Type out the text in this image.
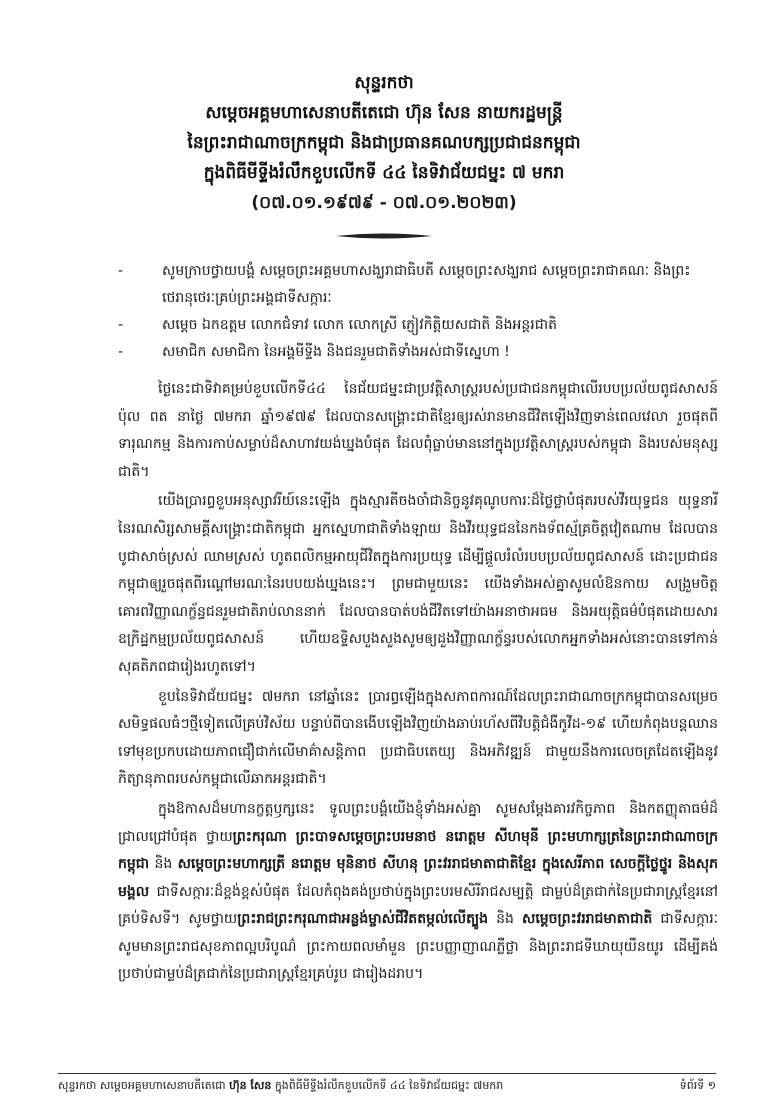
សុន្ទរកថា
សម្ដេចអគ្គមហាសេនាបតីតេជោ ហ៊ុន សែន នាយករដ្ឋមន្ត្រី
នៃព្រះរាជាណាចក្រកម្ពុជា និងជាប្រធានគណបក្សប្រជាជនកម្ពុជា
ក្នុងពិធីមីទ្ទីងរំលឹកខួបលើកទី ៤៤ នៃទិវាជ័យជម្នះ ៧ មករា
(០៧.០១.១៩៧៩ - ០៧.០១.២០២៣)
-	សូមក្រាបថ្វាយបង្គំ សម្ដេចព្រះអគ្គមហាសង្ឃរាជាធិបតី សម្ដេចព្រះសង្ឃរាជ សម្ដេចព្រះរាជាគណៈ និងព្រះថេរានុថេរៈគ្រប់ព្រះអង្គជាទីសក្ការៈ
-	សម្ដេច ឯកឧត្តម លោកជំទាវ លោក លោកស្រី ភ្ញៀវកិត្តិយសជាតិ និងអន្តរជាតិ
-	សមាជិក សមាជិកា នៃអង្គមីទ្ទីង និងជនរួមជាតិទាំងអស់ជាទីស្នេហា !

ថ្ងៃនេះជាទិវាគម្រប់ខួបលើកទី៤៤ នៃជ័យជម្នះជាប្រវត្តិសាស្ត្ររបស់ប្រជាជនកម្ពុជាលើរបបប្រល័យពូជសាសន៍ ប៉ុល ពត នាថ្ងៃ ៧មករា ឆ្នាំ១៩៧៩ ដែលបានសង្គ្រោះជាតិខ្មែរឲ្យរស់រានមានជីវិតឡើងវិញទាន់ពេលវេលា រួចផុតពីទារុណកម្ម និងការកាប់សម្លាប់ដ៏សាហាវយង់ឃ្នងបំផុត ដែលពុំធ្លាប់មាននៅក្នុងប្រវត្តិសាស្ត្ររបស់កម្ពុជា និងរបស់មនុស្សជាតិ។

យើងប្រារព្ធខួបអនុស្សាវរីយ៍នេះឡើង ក្នុងស្មារតីចងចាំជានិច្ចនូវគុណូបការៈដ៏ថ្លៃថ្លាបំផុតរបស់វីរយុទ្ធជន យុទ្ធនារីនៃរណសិរ្សសាមគ្គីសង្គ្រោះជាតិកម្ពុជា អ្នកស្នេហាជាតិទាំងឡាយ និងវីរយុទ្ធជននៃកងទ័ពស្ម័គ្រចិត្តវៀតណាម ដែលបានបូជាសាច់ស្រស់ ឈាមស្រស់ ហូតពលិកម្មអាយុជីវិតក្នុងការប្រយុទ្ធ ដើម្បីផ្ដួលរំលំរបបប្រល័យពូជសាសន៍ ដោះប្រជាជនកម្ពុជាឲ្យរួចផុតពីរណ្ដៅមរណៈនៃរបបយង់ឃ្នងនេះ។ ព្រមជាមួយនេះ យើងទាំងអស់គ្នាសូមលំឱនកាយ សង្រួមចិត្ត គោរពវិញ្ញាណក្ខ័ន្ធជនរួមជាតិរាប់លាននាក់ ដែលបានបាត់បង់ជីវិតទៅយ៉ាងអនាថាអធម និងអយុត្តិធម៌បំផុតដោយសារឧក្រិដ្ឋកម្មប្រល័យពូជសាសន៍ ហើយឧទ្ទិសបួងសួងសូមឲ្យដួងវិញ្ញាណក្ខ័ន្ធរបស់លោកអ្នកទាំងអស់នោះបានទៅកាន់សុគតិភពជារៀងរហូតទៅ។

ខួបនៃទិវាជ័យជម្នះ ៧មករា នៅឆ្នាំនេះ ប្រារព្ធឡើងក្នុងសភាពការណ៍ដែលព្រះរាជាណាចក្រកម្ពុជាបានសម្រេចសមិទ្ធផលធំៗថ្មីទៀតលើគ្រប់វិស័យ បន្ទាប់ពីបានងើបឡើងវិញយ៉ាងឆាប់រហ័សពីវិបត្តិជំងឺកូវីដ-១៩ ហើយកំពុងបន្តឈានទៅមុខប្រកបដោយភាពជឿជាក់លើមាគ៌ាសន្តិភាព ប្រជាធិបតេយ្យ និងអភិវឌ្ឍន៍ ជាមួយនឹងការលេចត្រដែតឡើងនូវកិត្យានុភាពរបស់កម្ពុជាលើឆាកអន្តរជាតិ។

ក្នុងឱកាសដ៏មហានក្ខត្តឫក្សនេះ ទូលព្រះបង្គំយើងខ្ញុំទាំងអស់គ្នា សូមសម្ដែងគារវកិច្ចភាព និងកតញ្ញុតាធម៌ដ៏ជ្រាលជ្រៅបំផុត ថ្វាយព្រះករុណា ព្រះបាទសម្ដេចព្រះបរមនាថ នរោត្តម សីហមុនី ព្រះមហាក្សត្រនៃព្រះរាជាណាចក្រកម្ពុជា និង សម្ដេចព្រះមហាក្សត្រី នរោត្តម មុនិនាថ សីហនុ ព្រះវររាជមាតាជាតិខ្មែរ ក្នុងសេរីភាព សេចក្ដីថ្លៃថ្នូរ និងសុភមង្គល ជាទីសក្ការៈដ៏ខ្ពង់ខ្ពស់បំផុត ដែលកំពុងគង់ប្រថាប់ក្នុងព្រះបរមសិរីរាជសម្បត្តិ ជាម្លប់ដ៏ត្រជាក់នៃប្រជារាស្ត្រខ្មែរនៅគ្រប់ទិសទី។ សូមថ្វាយព្រះរាជព្រះករុណាជាអន្លង់ម្ចាស់ជីវិតតម្កល់លើត្បូង និង សម្ដេចព្រះវររាជមាតាជាតិ ជាទីសក្ការៈ សូមមានព្រះរាជសុខភាពល្អបរិបូណ៌ ព្រះកាយពលមាំមួន ព្រះបញ្ញាញាណភ្លឺថ្លា និងព្រះរាជទីឃាយុយឺនយូរ ដើម្បីគង់ប្រថាប់ជាម្លប់ដ៏ត្រជាក់នៃប្រជារាស្ត្រខ្មែរគ្រប់រូប ជារៀងដរាប។

សុន្ទរកថា សម្ដេចអគ្គមហាសេនាបតីតេជោ ហ៊ុន សែន ក្នុងពិធីមីទ្ទីងរំលឹកខួបលើកទី ៤៤ នៃទិវាជ័យជម្នះ ៧មករា	ទំព័រទី ១
